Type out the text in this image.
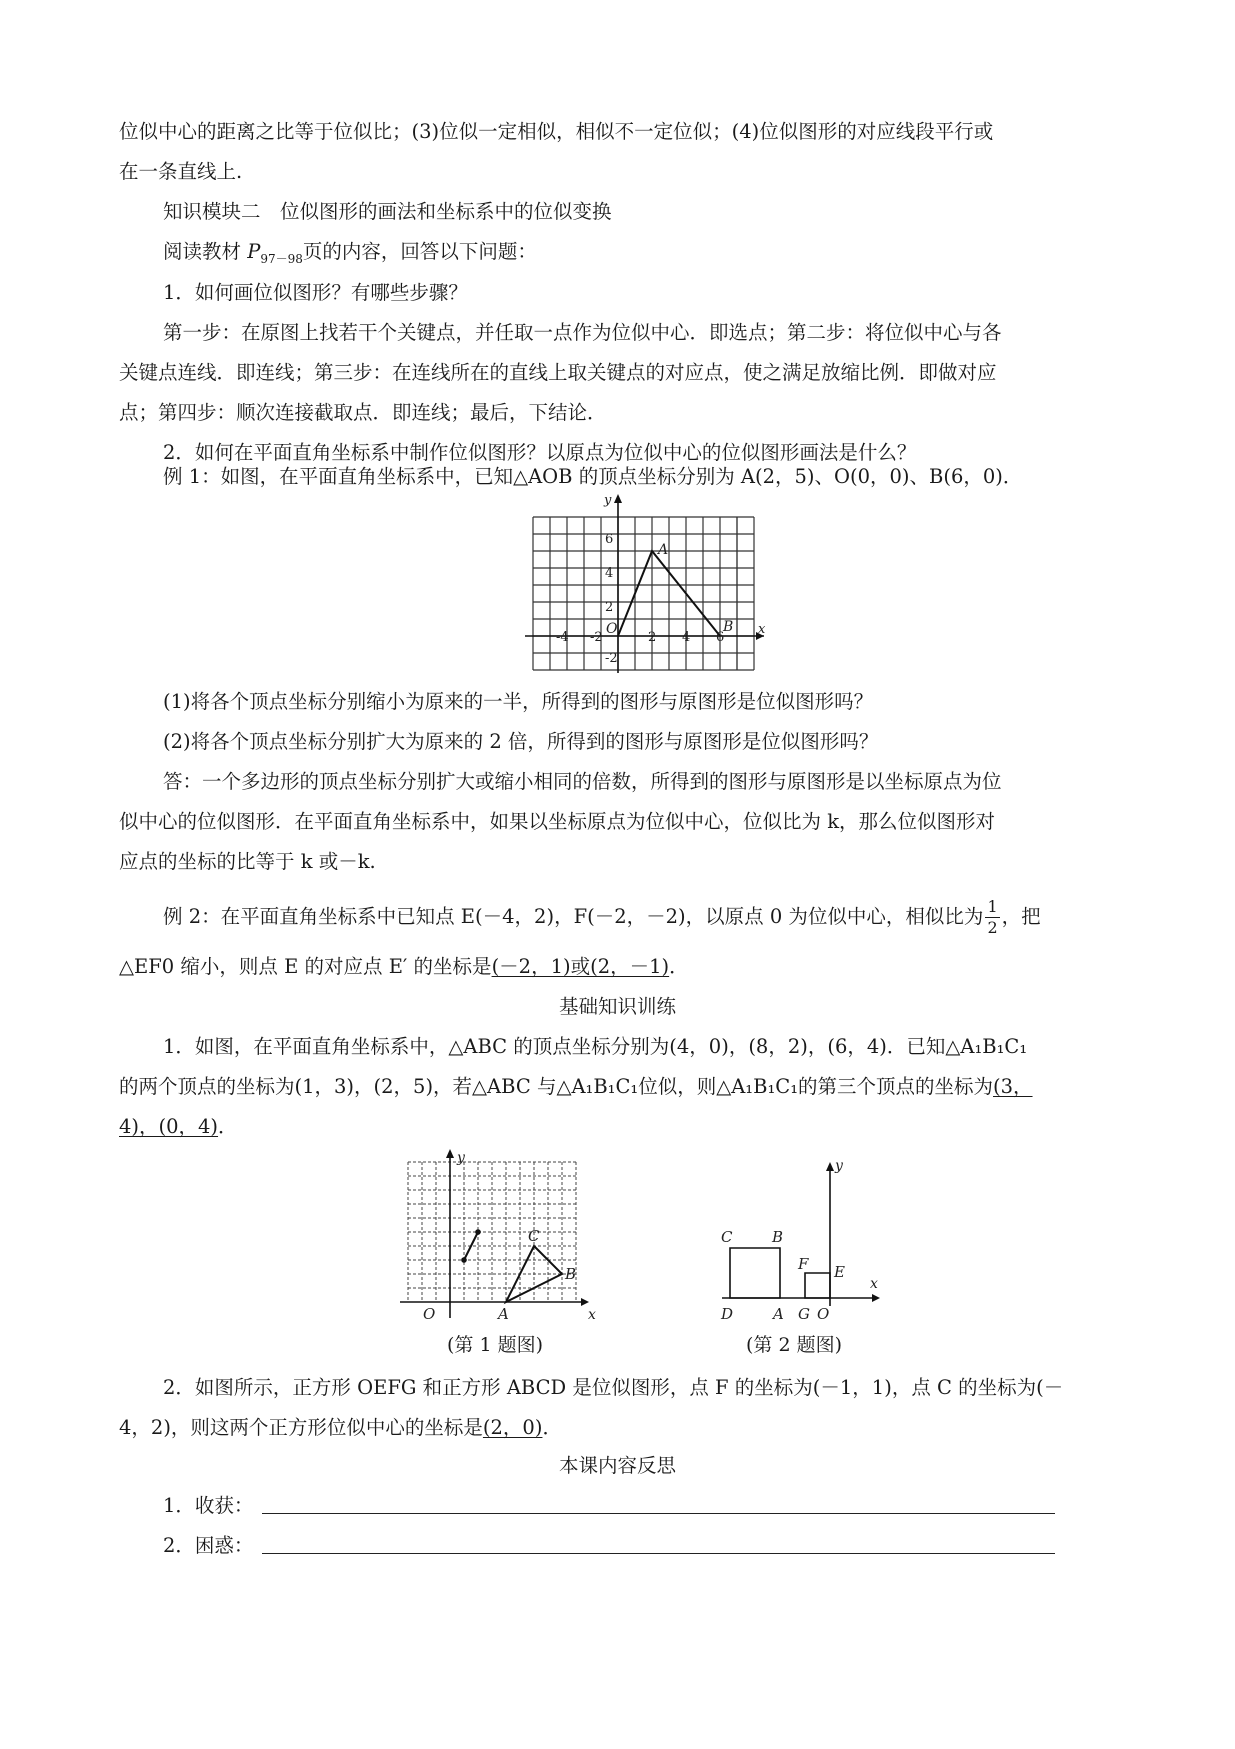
位似中心的距离之比等于位似比；(3)位似一定相似，相似不一定位似；(4)位似图形的对应线段平行或
在一条直线上.
知识模块二　位似图形的画法和坐标系中的位似变换
阅读教材 $P_{97-98}$页的内容，回答以下问题：
1．如何画位似图形？有哪些步骤？
第一步：在原图上找若干个关键点，并任取一点作为位似中心．即选点；第二步：将位似中心与各
关键点连线．即连线；第三步：在连线所在的直线上取关键点的对应点，使之满足放缩比例．即做对应
点；第四步：顺次连接截取点．即连线；最后，下结论．
2．如何在平面直角坐标系中制作位似图形？以原点为位似中心的位似图形画法是什么？
例 1：如图，在平面直角坐标系中，已知△AOB 的顶点坐标分别为 A(2，5)、O(0，0)、B(6，0)．
A
B
O	x
y
-4 -2	2 4 6
6
4
2
-2
(1)将各个顶点坐标分别缩小为原来的一半，所得到的图形与原图形是位似图形吗？
(2)将各个顶点坐标分别扩大为原来的 2 倍，所得到的图形与原图形是位似图形吗？
答：一个多边形的顶点坐标分别扩大或缩小相同的倍数，所得到的图形与原图形是以坐标原点为位
似中心的位似图形．在平面直角坐标系中，如果以坐标原点为位似中心，位似比为 k，那么位似图形对
应点的坐标的比等于 k 或－k.
例 2：在平面直角坐标系中已知点 E(－4，2)，F(－2，－2)，以原点 0 为位似中心，相似比为 $\frac{1}{2}$ ，把
△EF0 缩小，则点 E 的对应点 E′ 的坐标是(－2，1)或(2，－1)．
基础知识训练
1．如图，在平面直角坐标系中，△ABC 的顶点坐标分别为(4，0)，(8，2)，(6，4)．已知△A₁B₁C₁
的两个顶点的坐标为(1，3)，(2，5)，若△ABC 与△A₁B₁C₁位似，则△A₁B₁C₁的第三个顶点的坐标为(3，
4)，(0，4)．
C
B
A
O	x
y
(第 1 题图)
C	B
F E
D	A G O
x
y
(第 2 题图)
2．如图所示，正方形 OEFG 和正方形 ABCD 是位似图形，点 F 的坐标为(－1，1)，点 C 的坐标为(－
4，2)，则这两个正方形位似中心的坐标是(2，0)．
本课内容反思
1．收获：
2．困惑：
